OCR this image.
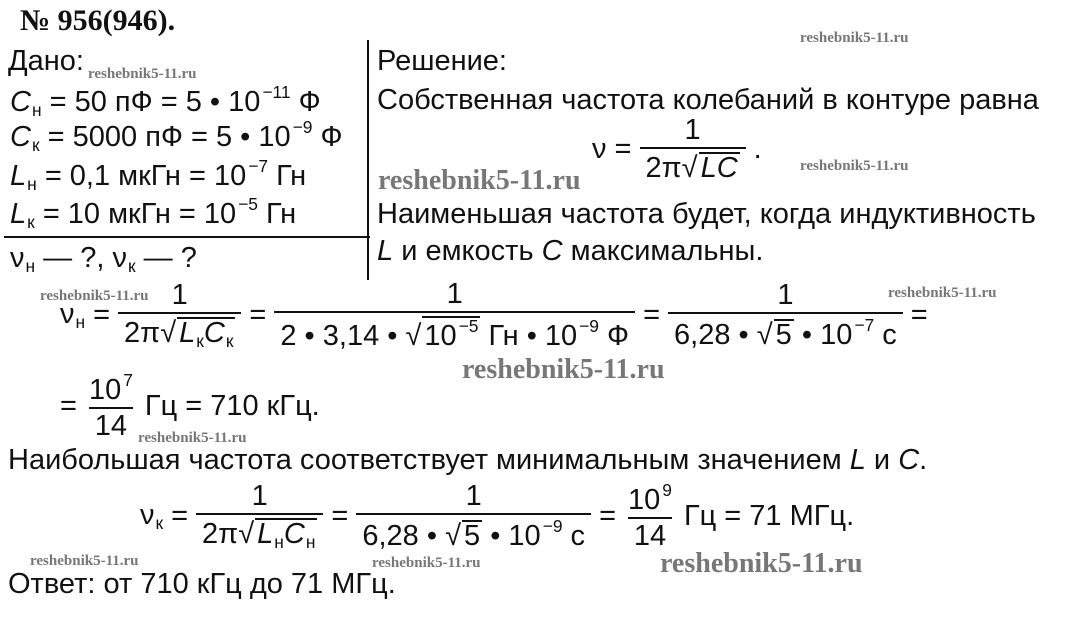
№ 956(946).
Дано:
$C_н = 50$ пФ = 5 • 10 $^{-11}$ Ф
$C_к = 5000$ пФ = 5 • 10 $^{-9}$ Ф
$L_н = 0,1$ мкГн = 10 $^{-7}$ Гн
$L_к = 10$ мкГн = 10 $^{-5}$ Гн
$\nu_н$ — ?, $\nu_к$ — ?
Решение:
Собственная частота колебаний в контуре равна
$\nu = \frac{1}{2\pi√ LC}$ .
Наименьшая частота будет, когда индуктивность
L и емкость C максимальны.
$\nu_н = \frac{1}{2\pi√ L_кC_к} = \frac{1}{2 • 3,14 • √ 10 ^{-5} Гн • 10 ^{-9} Ф} = \frac{1}{6,28 • √ 5 • 10 ^{-7} с}$ =
= $\frac{10 ^7}{14}$ Гц = 710 кГц.
Наибольшая частота соответствует минимальным значением L и C.
$\nu_к = \frac{1}{2\pi√ L_нC_н} = \frac{1}{6,28 • √ 5 • 10 ^{-9} с} = \frac{10 ^9}{14}$ Гц = 71 МГц.
Ответ: от 710 кГц до 71 МГц.
reshebnik5-11.ru
reshebnik5-11.ru
reshebnik5-11.ru	reshebnik5-11.ru
reshebnik5-11.ru	reshebnik5-11.ru
reshebnik5-11.ru
reshebnik5-11.ru
reshebnik5-11.ru	reshebnik5-11.ru	reshebnik5-11.ru
